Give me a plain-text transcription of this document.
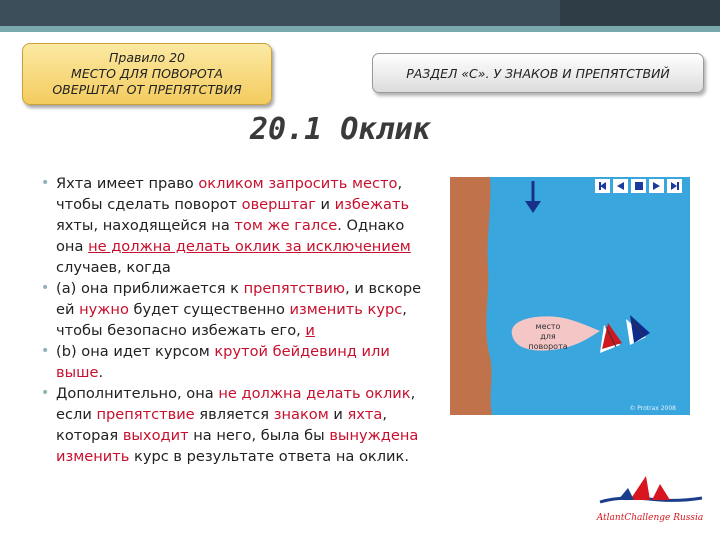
Правило 20
МЕСТО ДЛЯ ПОВОРОТА
ОВЕРШТАГ ОТ ПРЕПЯТСТВИЯ
РАЗДЕЛ «С». У ЗНАКОВ И ПРЕПЯТСТВИЙ
20.1 Оклик
• Яхта имеет право окликом запросить место, чтобы сделать поворот оверштаг и избежать яхты, находящейся на том же галсе. Однако она не должна делать оклик за исключением случаев, когда
• (a) она приближается к препятствию, и вскоре ей нужно будет существенно изменить курс, чтобы безопасно избежать его, и
• (b) она идет курсом крутой бейдевинд или выше.
• Дополнительно, она не должна делать оклик, если препятствие является знаком и яхта, которая выходит на него, была бы вынуждена изменить курс в результате ответа на оклик.
место
для
поворота
© Protrax 2008
AtlantChallenge Russia
